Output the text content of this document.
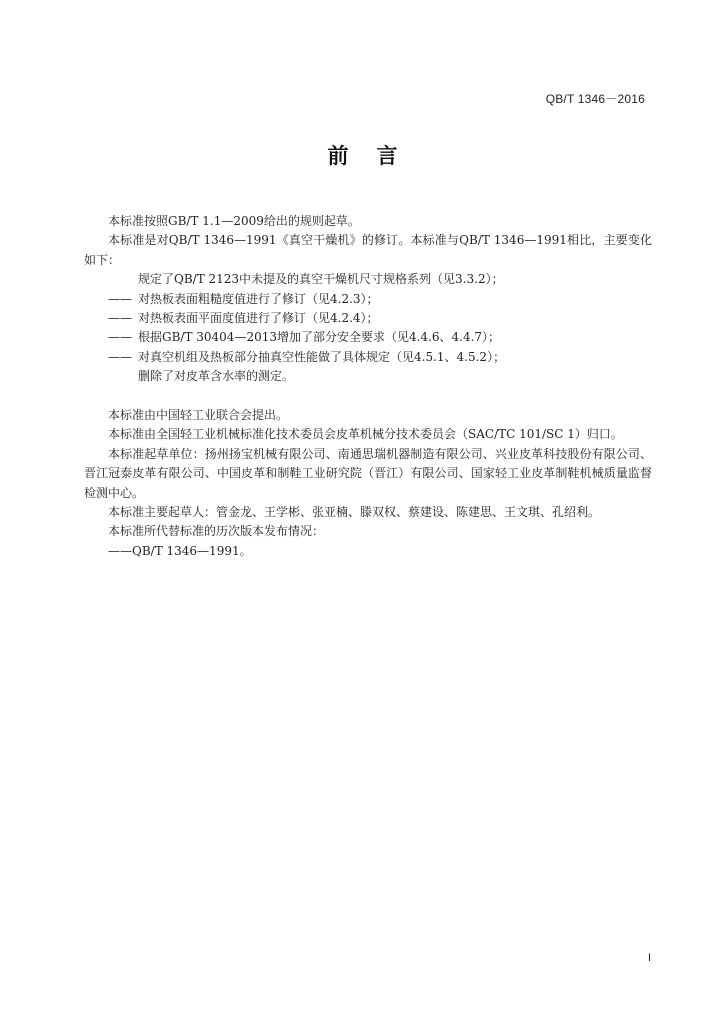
QB/T 1346－2016
前言

本标准按照GB/T 1.1—2009给出的规则起草。

本标准是对QB/T 1346—1991《真空干燥机》的修订。本标准与QB/T 1346—1991相比，主要变化如下：

规定了QB/T 2123中未提及的真空干燥机尺寸规格系列（见3.3.2）；
—— 对热板表面粗糙度值进行了修订（见4.2.3）；
—— 对热板表面平面度值进行了修订（见4.2.4）；
—— 根据GB/T 30404—2013增加了部分安全要求（见4.4.6、4.4.7）；
—— 对真空机组及热板部分抽真空性能做了具体规定（见4.5.1、4.5.2）；
删除了对皮革含水率的测定。

本标准由中国轻工业联合会提出。

本标准由全国轻工业机械标准化技术委员会皮革机械分技术委员会（SAC/TC 101/SC 1）归口。

本标准起草单位：扬州扬宝机械有限公司、南通思瑞机器制造有限公司、兴业皮革科技股份有限公司、晋江冠泰皮革有限公司、中国皮革和制鞋工业研究院（晋江）有限公司、国家轻工业皮革制鞋机械质量监督检测中心。

本标准主要起草人：管金龙、王学彬、张亚楠、滕双权、蔡建设、陈建思、王文琪、孔绍利。

本标准所代替标准的历次版本发布情况：

——QB/T 1346—1991。
I
